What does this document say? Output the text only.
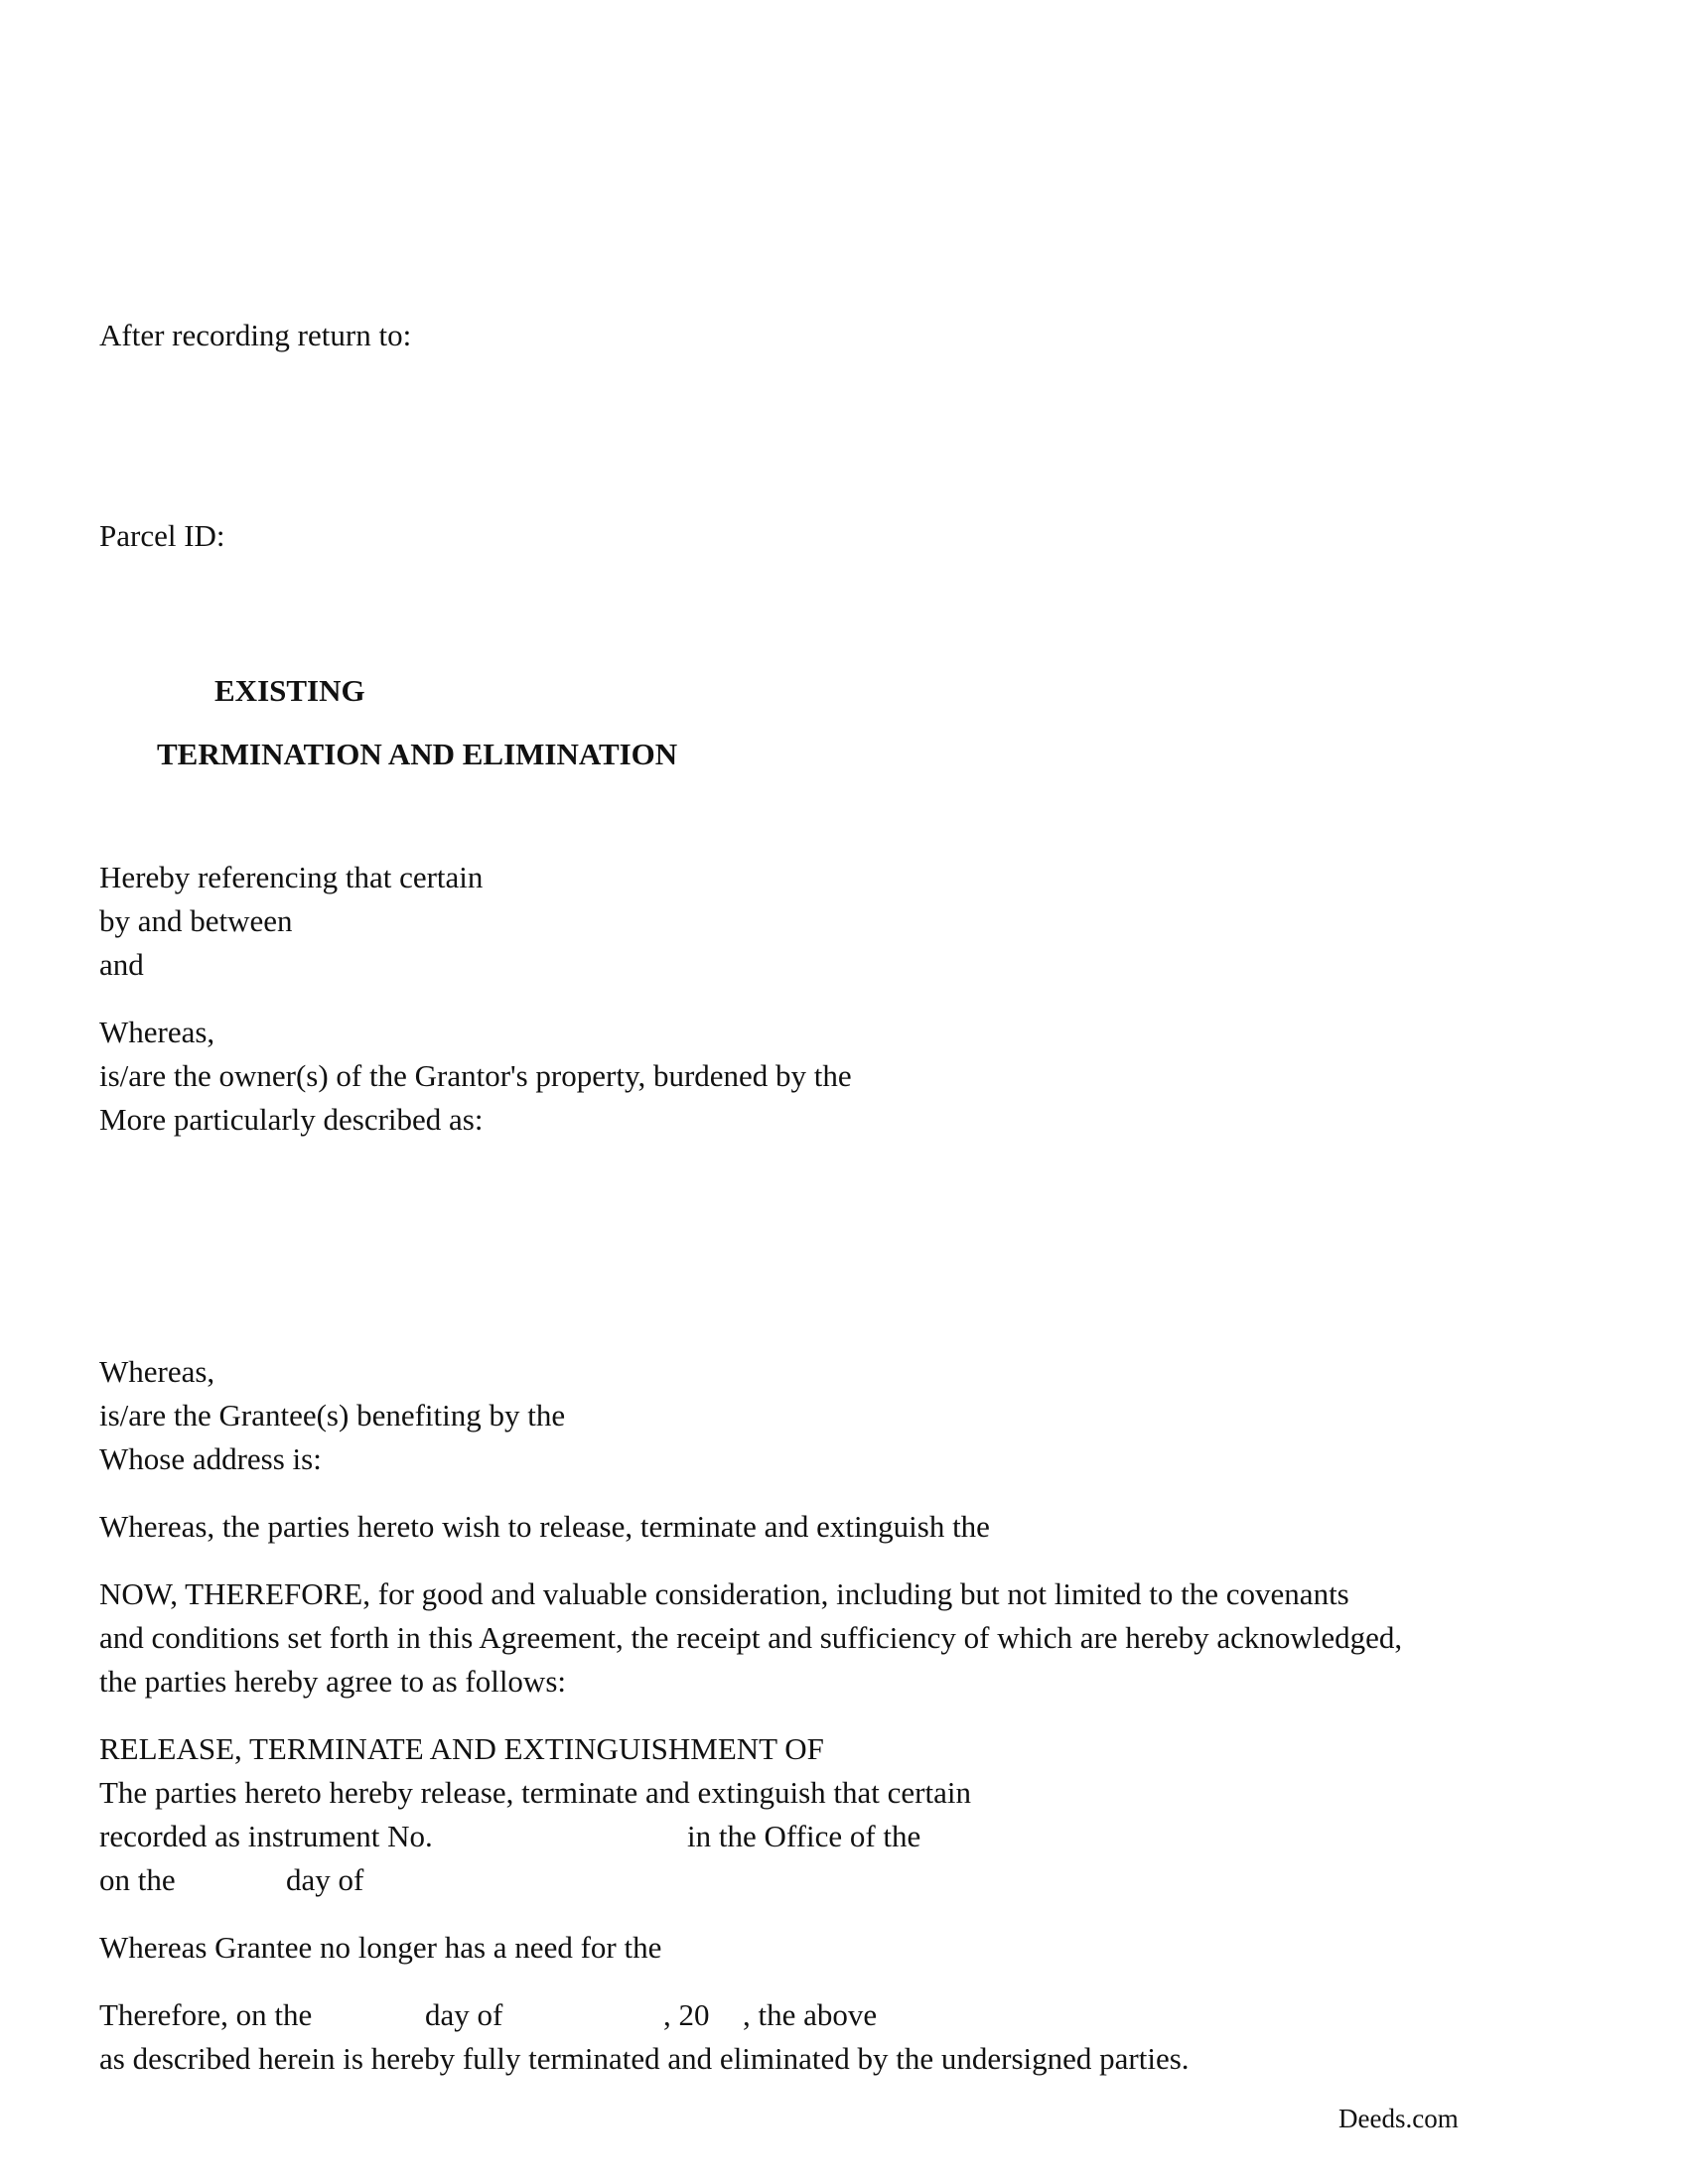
After recording return to:
Parcel ID:
EXISTING
TERMINATION AND ELIMINATION
Hereby referencing that certain
by and between
and
Whereas,
is/are the owner(s) of the Grantor's property, burdened by the
More particularly described as:
Whereas,
is/are the Grantee(s) benefiting by the
Whose address is:
Whereas, the parties hereto wish to release, terminate and extinguish the
NOW, THEREFORE, for good and valuable consideration, including but not limited to the covenants
and conditions set forth in this Agreement, the receipt and sufficiency of which are hereby acknowledged,
the parties hereby agree to as follows:
RELEASE, TERMINATE AND EXTINGUISHMENT OF
The parties hereto hereby release, terminate and extinguish that certain
recorded as instrument No.	in the Office of the
on the	day of
Whereas Grantee no longer has a need for the
Therefore, on the	day of	, 20 , the above
as described herein is hereby fully terminated and eliminated by the undersigned parties.
Deeds.com
